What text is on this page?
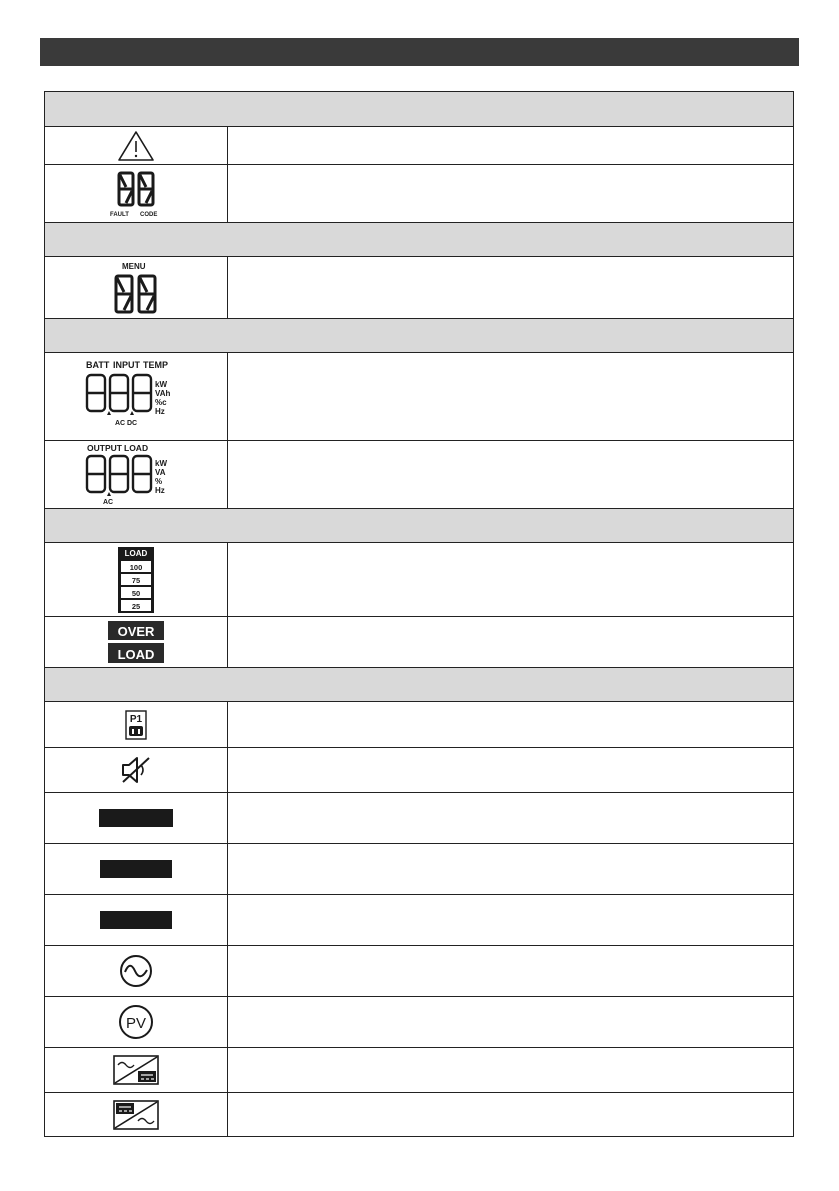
FAULT CODE
MENU
BATT INPUT TEMP
kW
VAh
%c
Hz
AC DC
OUTPUT LOAD
kW
VA
%
Hz
AC
LOAD
100
75
50
25
OVER
LOAD
P1
PV
